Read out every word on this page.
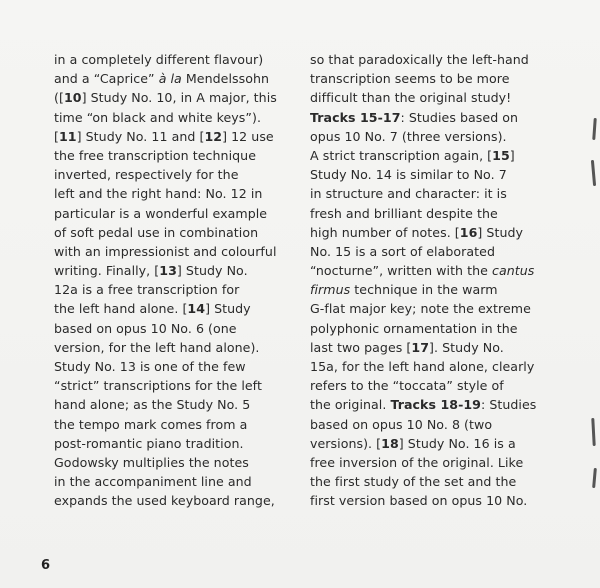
in a completely different flavour)
and a “Caprice” à la Mendelssohn
([10] Study No. 10, in A major, this
time “on black and white keys”).
[11] Study No. 11 and [12] 12 use
the free transcription technique
inverted, respectively for the
left and the right hand: No. 12 in
particular is a wonderful example
of soft pedal use in combination
with an impressionist and colourful
writing. Finally, [13] Study No.
12a is a free transcription for
the left hand alone. [14] Study
based on opus 10 No. 6 (one
version, for the left hand alone).
Study No. 13 is one of the few
“strict” transcriptions for the left
hand alone; as the Study No. 5
the tempo mark comes from a
post-romantic piano tradition.
Godowsky multiplies the notes
in the accompaniment line and
expands the used keyboard range,
so that paradoxically the left-hand
transcription seems to be more
difficult than the original study!
Tracks 15-17: Studies based on
opus 10 No. 7 (three versions).
A strict transcription again, [15]
Study No. 14 is similar to No. 7
in structure and character: it is
fresh and brilliant despite the
high number of notes. [16] Study
No. 15 is a sort of elaborated
“nocturne”, written with the cantus
firmus technique in the warm
G-flat major key; note the extreme
polyphonic ornamentation in the
last two pages [17]. Study No.
15a, for the left hand alone, clearly
refers to the “toccata” style of
the original. Tracks 18-19: Studies
based on opus 10 No. 8 (two
versions). [18] Study No. 16 is a
free inversion of the original. Like
the first study of the set and the
first version based on opus 10 No.
6
